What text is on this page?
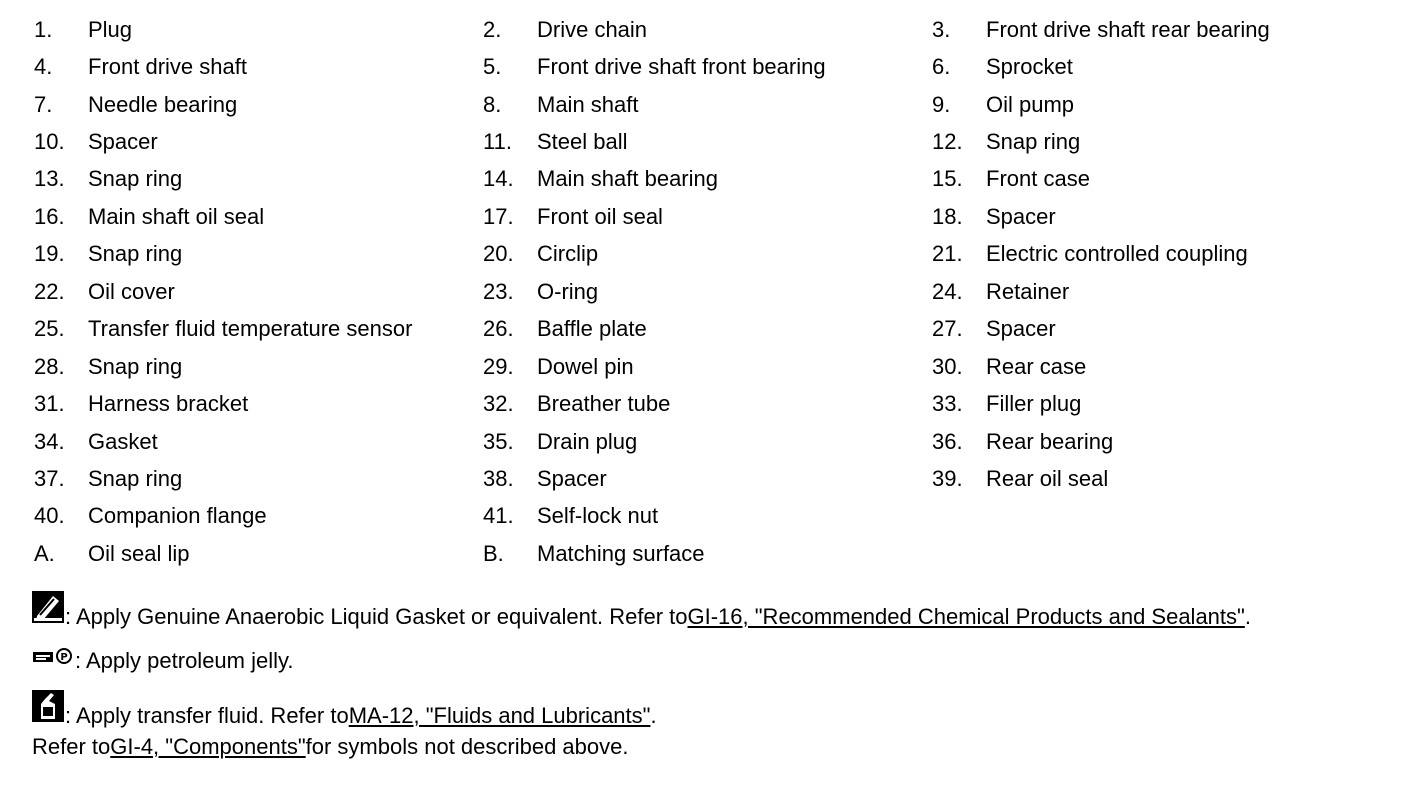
1.	Plug	2.	Drive chain	3.	Front drive shaft rear bearing
4.	Front drive shaft	5.	Front drive shaft front bearing	6.	Sprocket
7.	Needle bearing	8.	Main shaft	9.	Oil pump
10.	Spacer	11.	Steel ball	12.	Snap ring
13.	Snap ring	14.	Main shaft bearing	15.	Front case
16.	Main shaft oil seal	17.	Front oil seal	18.	Spacer
19.	Snap ring	20.	Circlip	21.	Electric controlled coupling
22.	Oil cover	23.	O-ring	24.	Retainer
25.	Transfer fluid temperature sensor	26.	Baffle plate	27.	Spacer
28.	Snap ring	29.	Dowel pin	30.	Rear case
31.	Harness bracket	32.	Breather tube	33.	Filler plug
34.	Gasket	35.	Drain plug	36.	Rear bearing
37.	Snap ring	38.	Spacer	39.	Rear oil seal
40.	Companion flange	41.	Self-lock nut
A.	Oil seal lip	B.	Matching surface
: Apply Genuine Anaerobic Liquid Gasket or equivalent. Refer to GI-16, "Recommended Chemical Products and Sealants" .
P : Apply petroleum jelly.
: Apply transfer fluid. Refer to MA-12, "Fluids and Lubricants" .
Refer to GI-4, "Components" for symbols not described above.
